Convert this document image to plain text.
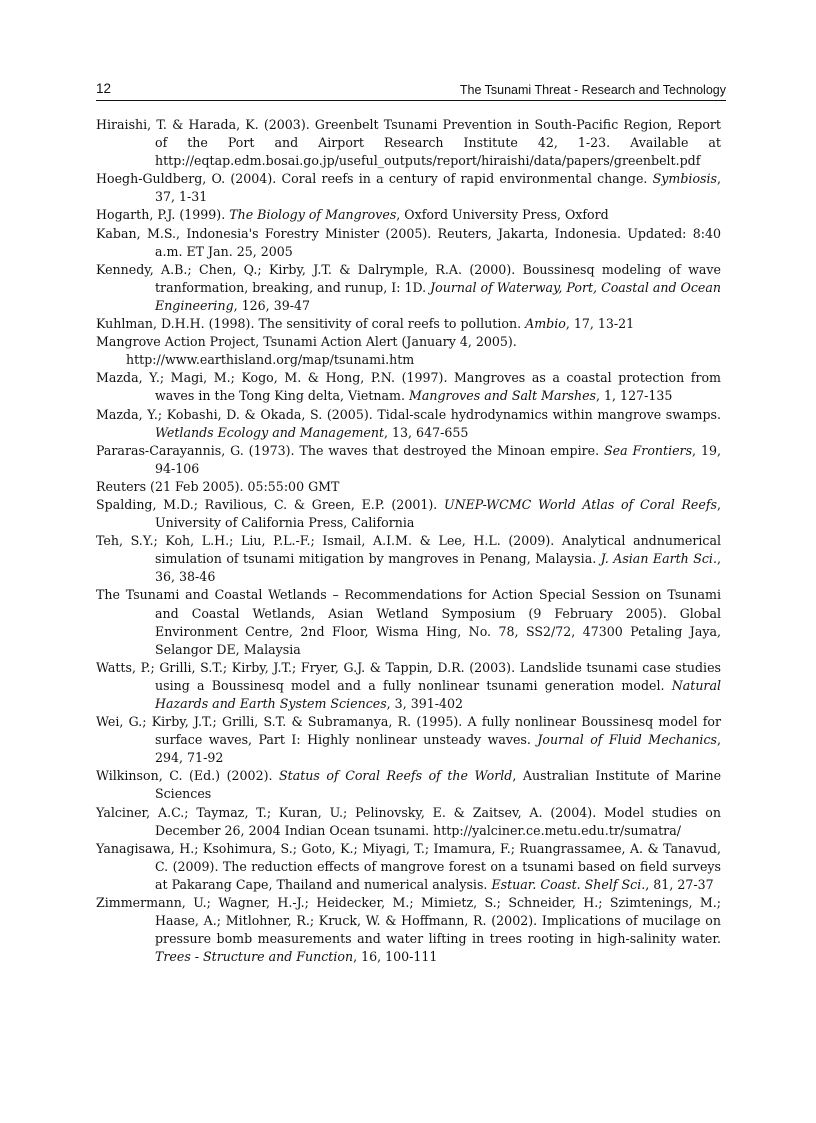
12	The Tsunami Threat - Research and Technology

Hiraishi, T. & Harada, K. (2003). Greenbelt Tsunami Prevention in South-Pacific Region, Report of the Port and Airport Research Institute 42, 1-23. Available at http://eqtap.edm.bosai.go.jp/useful_outputs/report/hiraishi/data/papers/greenbelt.pdf

Hoegh-Guldberg, O. (2004). Coral reefs in a century of rapid environmental change. Symbiosis, 37, 1-31

Hogarth, P.J. (1999). The Biology of Mangroves, Oxford University Press, Oxford

Kaban, M.S., Indonesia's Forestry Minister (2005). Reuters, Jakarta, Indonesia. Updated: 8:40 a.m. ET Jan. 25, 2005

Kennedy, A.B.; Chen, Q.; Kirby, J.T. & Dalrymple, R.A. (2000). Boussinesq modeling of wave tranformation, breaking, and runup, I: 1D. Journal of Waterway, Port, Coastal and Ocean Engineering, 126, 39-47

Kuhlman, D.H.H. (1998). The sensitivity of coral reefs to pollution. Ambio, 17, 13-21

Mangrove Action Project, Tsunami Action Alert (January 4, 2005).

http://www.earthisland.org/map/tsunami.htm

Mazda, Y.; Magi, M.; Kogo, M. & Hong, P.N. (1997). Mangroves as a coastal protection from waves in the Tong King delta, Vietnam. Mangroves and Salt Marshes, 1, 127-135

Mazda, Y.; Kobashi, D. & Okada, S. (2005). Tidal-scale hydrodynamics within mangrove swamps. Wetlands Ecology and Management, 13, 647-655

Pararas-Carayannis, G. (1973). The waves that destroyed the Minoan empire. Sea Frontiers, 19, 94-106

Reuters (21 Feb 2005). 05:55:00 GMT

Spalding, M.D.; Ravilious, C. & Green, E.P. (2001). UNEP-WCMC World Atlas of Coral Reefs, University of California Press, California

Teh, S.Y.; Koh, L.H.; Liu, P.L.-F.; Ismail, A.I.M. & Lee, H.L. (2009). Analytical andnumerical simulation of tsunami mitigation by mangroves in Penang, Malaysia. J. Asian Earth Sci., 36, 38-46

The Tsunami and Coastal Wetlands – Recommendations for Action Special Session on Tsunami and Coastal Wetlands, Asian Wetland Symposium (9 February 2005). Global Environment Centre, 2nd Floor, Wisma Hing, No. 78, SS2/72, 47300 Petaling Jaya, Selangor DE, Malaysia

Watts, P.; Grilli, S.T.; Kirby, J.T.; Fryer, G.J. & Tappin, D.R. (2003). Landslide tsunami case studies using a Boussinesq model and a fully nonlinear tsunami generation model. Natural Hazards and Earth System Sciences, 3, 391-402

Wei, G.; Kirby, J.T.; Grilli, S.T. & Subramanya, R. (1995). A fully nonlinear Boussinesq model for surface waves, Part I: Highly nonlinear unsteady waves. Journal of Fluid Mechanics, 294, 71-92

Wilkinson, C. (Ed.) (2002). Status of Coral Reefs of the World, Australian Institute of Marine Sciences

Yalciner, A.C.; Taymaz, T.; Kuran, U.; Pelinovsky, E. & Zaitsev, A. (2004). Model studies on December 26, 2004 Indian Ocean tsunami. http://yalciner.ce.metu.edu.tr/sumatra/

Yanagisawa, H.; Ksohimura, S.; Goto, K.; Miyagi, T.; Imamura, F.; Ruangrassamee, A. & Tanavud, C. (2009). The reduction effects of mangrove forest on a tsunami based on field surveys at Pakarang Cape, Thailand and numerical analysis. Estuar. Coast. Shelf Sci., 81, 27-37

Zimmermann, U.; Wagner, H.-J.; Heidecker, M.; Mimietz, S.; Schneider, H.; Szimtenings, M.; Haase, A.; Mitlohner, R.; Kruck, W. & Hoffmann, R. (2002). Implications of mucilage on pressure bomb measurements and water lifting in trees rooting in high-salinity water. Trees - Structure and Function, 16, 100-111
